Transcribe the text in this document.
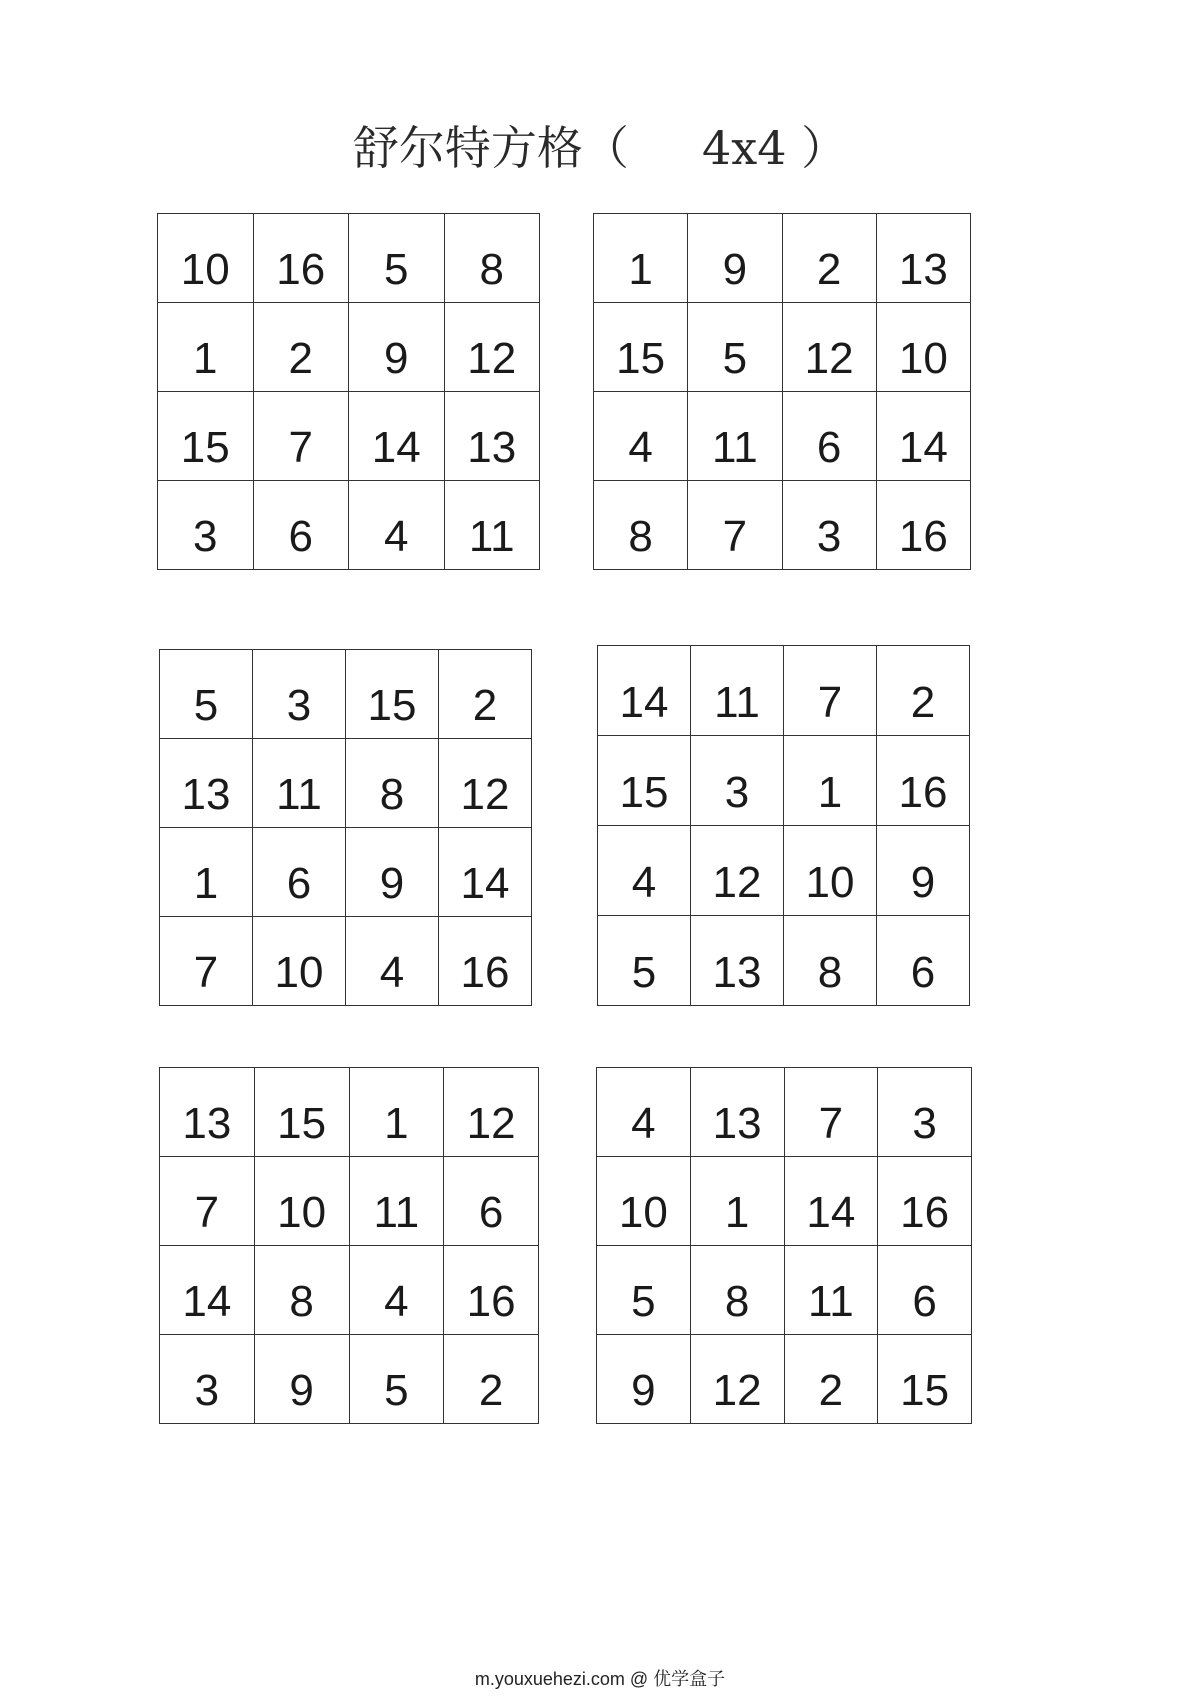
舒尔特方格（     4x4 ）
10	16	5	8
1	2	9	12
15	7	14	13
3	6	4	11
1	9	2	13
15	5	12	10
4	11	6	14
8	7	3	16
5	3	15	2
13	11	8	12
1	6	9	14
7	10	4	16
14	11	7	2
15	3	1	16
4	12	10	9
5	13	8	6
13	15	1	12
7	10	11	6
14	8	4	16
3	9	5	2
4	13	7	3
10	1	14	16
5	8	11	6
9	12	2	15
m.youxuehezi.com @ 优学盒子
